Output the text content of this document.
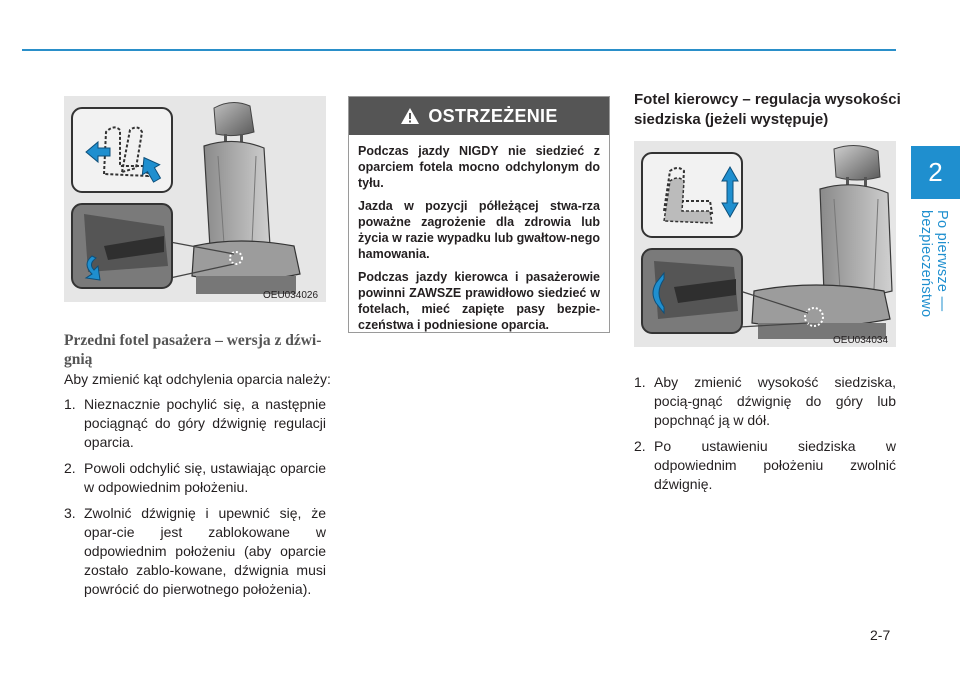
2
Po pierwsze — bezpieczeństwo
OEU034026
Przedni fotel pasażera – wersja z dźwi-gnią
Aby zmienić kąt odchylenia oparcia należy:
1. Nieznacznie pochylić się, a następnie pociągnąć do góry dźwignię regulacji oparcia.
2. Powoli odchylić się, ustawiając oparcie w odpowiednim położeniu.
3. Zwolnić dźwignię i upewnić się, że opar-cie jest zablokowane w odpowiednim położeniu (aby oparcie zostało zablo-kowane, dźwignia musi powrócić do pierwotnego położenia).
OSTRZEŻENIE

Podczas jazdy NIGDY nie siedzieć z oparciem fotela mocno odchylonym do tyłu.

Jazda w pozycji półleżącej stwa-rza poważne zagrożenie dla zdrowia lub życia w razie wypadku lub gwałtow-nego hamowania.

Podczas jazdy kierowca i pasażerowie powinni ZAWSZE prawidłowo siedzieć w fotelach, mieć zapięte pasy bezpie-czeństwa i podniesione oparcia.

Fotel kierowcy – regulacja wysokości siedziska (jeżeli występuje)
OEU034034
1. Aby zmienić wysokość siedziska, pocią-gnąć dźwignię do góry lub popchnąć ją w dół.
2. Po ustawieniu siedziska w odpowiednim położeniu zwolnić dźwignię.
2-7
